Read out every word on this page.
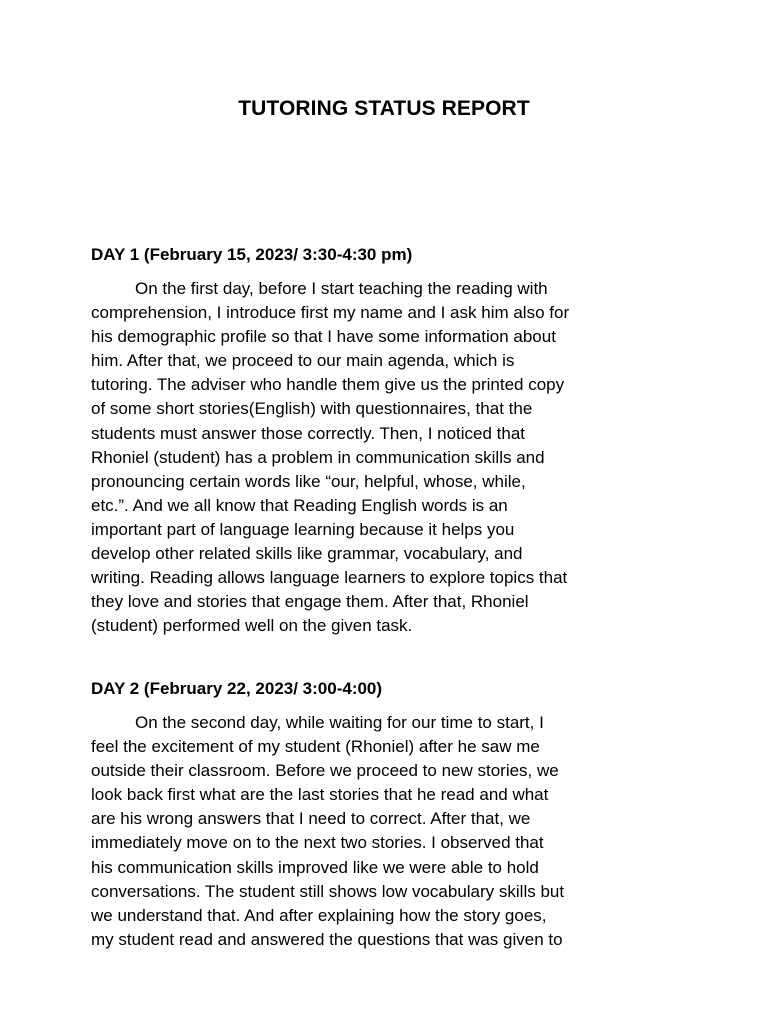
TUTORING STATUS REPORT

DAY 1 (February 15, 2023/ 3:30-4:30 pm)

On the first day, before I start teaching the reading with
comprehension, I introduce first my name and I ask him also for
his demographic profile so that I have some information about
him. After that, we proceed to our main agenda, which is
tutoring. The adviser who handle them give us the printed copy
of some short stories(English) with questionnaires, that the
students must answer those correctly. Then, I noticed that
Rhoniel (student) has a problem in communication skills and
pronouncing certain words like “our, helpful, whose, while,
etc.”. And we all know that Reading English words is an
important part of language learning because it helps you
develop other related skills like grammar, vocabulary, and
writing. Reading allows language learners to explore topics that
they love and stories that engage them. After that, Rhoniel
(student) performed well on the given task.

DAY 2 (February 22, 2023/ 3:00-4:00)

On the second day, while waiting for our time to start, I
feel the excitement of my student (Rhoniel) after he saw me
outside their classroom. Before we proceed to new stories, we
look back first what are the last stories that he read and what
are his wrong answers that I need to correct. After that, we
immediately move on to the next two stories. I observed that
his communication skills improved like we were able to hold
conversations. The student still shows low vocabulary skills but
we understand that. And after explaining how the story goes,
my student read and answered the questions that was given to
